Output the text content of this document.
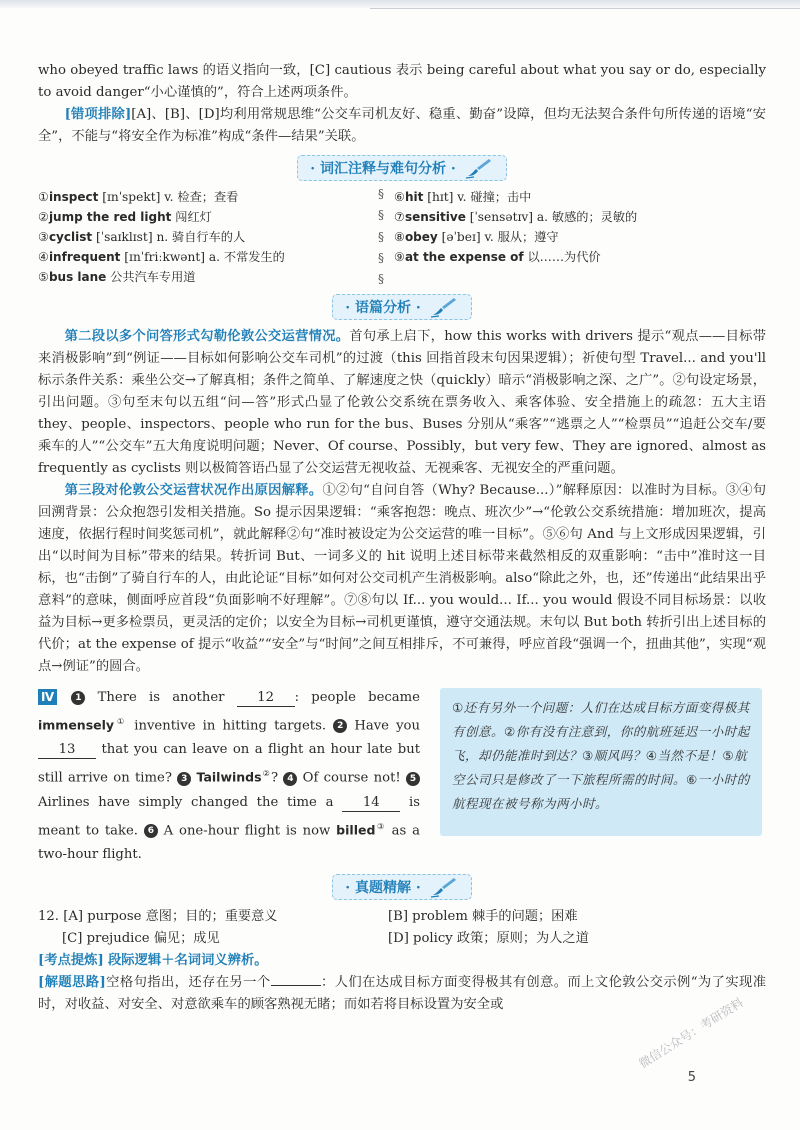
who obeyed traffic laws 的语义指向一致，[C] cautious 表示 being careful about what you say or do, especially to avoid danger“小心谨慎的”，符合上述两项条件。

[错项排除][A]、[B]、[D]均利用常规思维“公交车司机友好、稳重、勤奋”设障，但均无法契合条件句所传递的语境“安全”，不能与“将安全作为标准”构成“条件—结果”关联。

· 词汇注释与难句分析 ·
①inspect [ɪnˈspekt] v. 检查；查看
②jump the red light 闯红灯
③cyclist [ˈsaɪklɪst] n. 骑自行车的人
④infrequent [ɪnˈfriːkwənt] a. 不常发生的
⑤bus lane 公共汽车专用道
§
§
§
§
§
⑥hit [hɪt] v. 碰撞；击中
⑦sensitive [ˈsensətɪv] a. 敏感的；灵敏的
⑧obey [əˈbeɪ] v. 服从；遵守
⑨at the expense of 以……为代价
· 语篇分析 ·

第二段以多个问答形式勾勒伦敦公交运营情况。首句承上启下，how this works with drivers 提示“观点——目标带来消极影响”到“例证——目标如何影响公交车司机”的过渡（this 回指首段末句因果逻辑）；祈使句型 Travel... and you'll 标示条件关系：乘坐公交→了解真相；条件之简单、了解速度之快（quickly）暗示“消极影响之深、之广”。②句设定场景，引出问题。③句至末句以五组“问—答”形式凸显了伦敦公交系统在票务收入、乘客体验、安全措施上的疏忽：五大主语 they、people、inspectors、people who run for the bus、Buses 分别从“乘客”“逃票之人”“检票员”“追赶公交车/要乘车的人”“公交车”五大角度说明问题；Never、Of course、Possibly，but very few、They are ignored、almost as frequently as cyclists 则以极简答语凸显了公交运营无视收益、无视乘客、无视安全的严重问题。

第三段对伦敦公交运营状况作出原因解释。①②句“自问自答（Why? Because...）”解释原因：以准时为目标。③④句回溯背景：公众抱怨引发相关措施。So 提示因果逻辑：“乘客抱怨：晚点、班次少”→“伦敦公交系统措施：增加班次，提高速度，依据行程时间奖惩司机”，就此解释②句“准时被设定为公交运营的唯一目标”。⑤⑥句 And 与上文形成因果逻辑，引出“以时间为目标”带来的结果。转折词 But、一词多义的 hit 说明上述目标带来截然相反的双重影响：“击中”准时这一目标，也“击倒”了骑自行车的人，由此论证“目标”如何对公交司机产生消极影响。also“除此之外，也，还”传递出“此结果出乎意料”的意味，侧面呼应首段“负面影响不好理解”。⑦⑧句以 If... you would... If... you would 假设不同目标场景：以收益为目标→更多检票员，更灵活的定价；以安全为目标→司机更谨慎，遵守交通法规。末句以 But both 转折引出上述目标的代价；at the expense of 提示“收益”“安全”与“时间”之间互相排斥，不可兼得，呼应首段“强调一个，扭曲其他”，实现“观点→例证”的圆合。

Ⅳ 1 There is another 12 : people became immensely① inventive in hitting targets. 2 Have you 13 that you can leave on a flight an hour late but still arrive on time? 3 Tailwinds②? 4 Of course not! 5Airlines have simply changed the time a 14 is meant to take. 6 A one-hour flight is now billed③ as a two-hour flight.
①还有另外一个问题：人们在达成目标方面变得极其有创意。②你有没有注意到，你的航班延迟一小时起飞，却仍能准时到达？③顺风吗？④当然不是！⑤航空公司只是修改了一下旅程所需的时间。⑥一小时的航程现在被号称为两小时。
· 真题精解 ·
12. [A] purpose 意图；目的；重要意义	[B] problem 棘手的问题；困难
[C] prejudice 偏见；成见	[D] policy 政策；原则；为人之道

[考点提炼] 段际逻辑＋名词词义辨析。

[解题思路]空格句指出，还存在另一个	：人们在达成目标方面变得极其有创意。而上文伦敦公交示例“为了实现准时，对收益、对安全、对意欲乘车的顾客熟视无睹；而如若将目标设置为安全或

5
微信公众号：考研资料
